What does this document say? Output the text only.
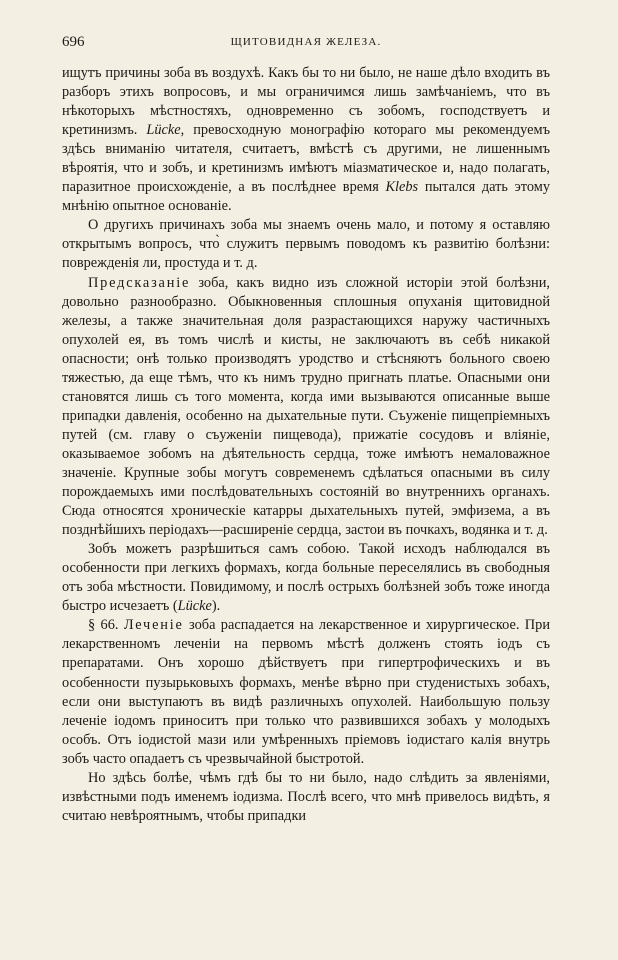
696	ЩИТОВИДНАЯ ЖЕЛЕЗА.

ищутъ причины зоба въ воздухѣ. Какъ бы то ни было, не наше дѣло входить въ разборъ этихъ вопросовъ, и мы ограничимся лишь замѣчаніемъ, что въ нѣкоторыхъ мѣстностяхъ, одновременно съ зобомъ, господствуетъ и кретинизмъ. Lücke, превосходную монографію котораго мы рекомендуемъ здѣсь вниманію читателя, считаетъ, вмѣстѣ съ другими, не лишеннымъ вѣроятія, что и зобъ, и кретинизмъ имѣютъ міазматическое и, надо полагать, паразитное происхожденіе, а въ послѣднее время Klebs пытался дать этому мнѣнію опытное основаніе.

О другихъ причинахъ зоба мы знаемъ очень мало, и потому я оставляю открытымъ вопросъ, что̀ служитъ первымъ поводомъ къ развитію болѣзни: поврежденія ли, простуда и т. д.

Предсказаніе зоба, какъ видно изъ сложной исторіи этой болѣзни, довольно разнообразно. Обыкновенныя сплошныя опуханія щитовидной железы, а также значительная доля разрастающихся наружу частичныхъ опухолей ея, въ томъ числѣ и кисты, не заключаютъ въ себѣ никакой опасности; онѣ только производятъ уродство и стѣсняютъ больного своею тяжестью, да еще тѣмъ, что къ нимъ трудно пригнать платье. Опасными они становятся лишь съ того момента, когда ими вызываются описанные выше припадки давленія, особенно на дыхательные пути. Съуженіе пищепріемныхъ путей (см. главу о съуженіи пищевода), прижатіе сосудовъ и вліяніе, оказываемое зобомъ на дѣятельность сердца, тоже имѣютъ немаловажное значеніе. Крупные зобы могутъ современемъ сдѣлаться опасными въ силу порождаемыхъ ими послѣдовательныхъ состояній во внутреннихъ органахъ. Сюда относятся хроническіе катарры дыхательныхъ путей, эмфизема, а въ позднѣйшихъ періодахъ—расширеніе сердца, застои въ почкахъ, водянка и т. д.

Зобъ можетъ разрѣшиться самъ собою. Такой исходъ наблюдался въ особенности при легкихъ формахъ, когда больные переселялись въ свободныя отъ зоба мѣстности. Повидимому, и послѣ острыхъ болѣзней зобъ тоже иногда быстро исчезаетъ (Lücke).

§ 66. Леченіе зоба распадается на лекарственное и хирургическое. При лекарственномъ леченіи на первомъ мѣстѣ долженъ стоять іодъ съ препаратами. Онъ хорошо дѣйствуетъ при гипертрофическихъ и въ особенности пузырьковыхъ формахъ, менѣе вѣрно при студенистыхъ зобахъ, если они выступаютъ въ видѣ различныхъ опухолей. Наибольшую пользу леченіе іодомъ приноситъ при только что развившихся зобахъ у молодыхъ особъ. Отъ іодистой мази или умѣренныхъ пріемовъ іодистаго калія внутрь зобъ часто опадаетъ съ чрезвычайной быстротой.

Но здѣсь болѣе, чѣмъ гдѣ бы то ни было, надо слѣдить за явленіями, извѣстными подъ именемъ іодизма. Послѣ всего, что мнѣ привелось видѣть, я считаю невѣроятнымъ, чтобы припадки
